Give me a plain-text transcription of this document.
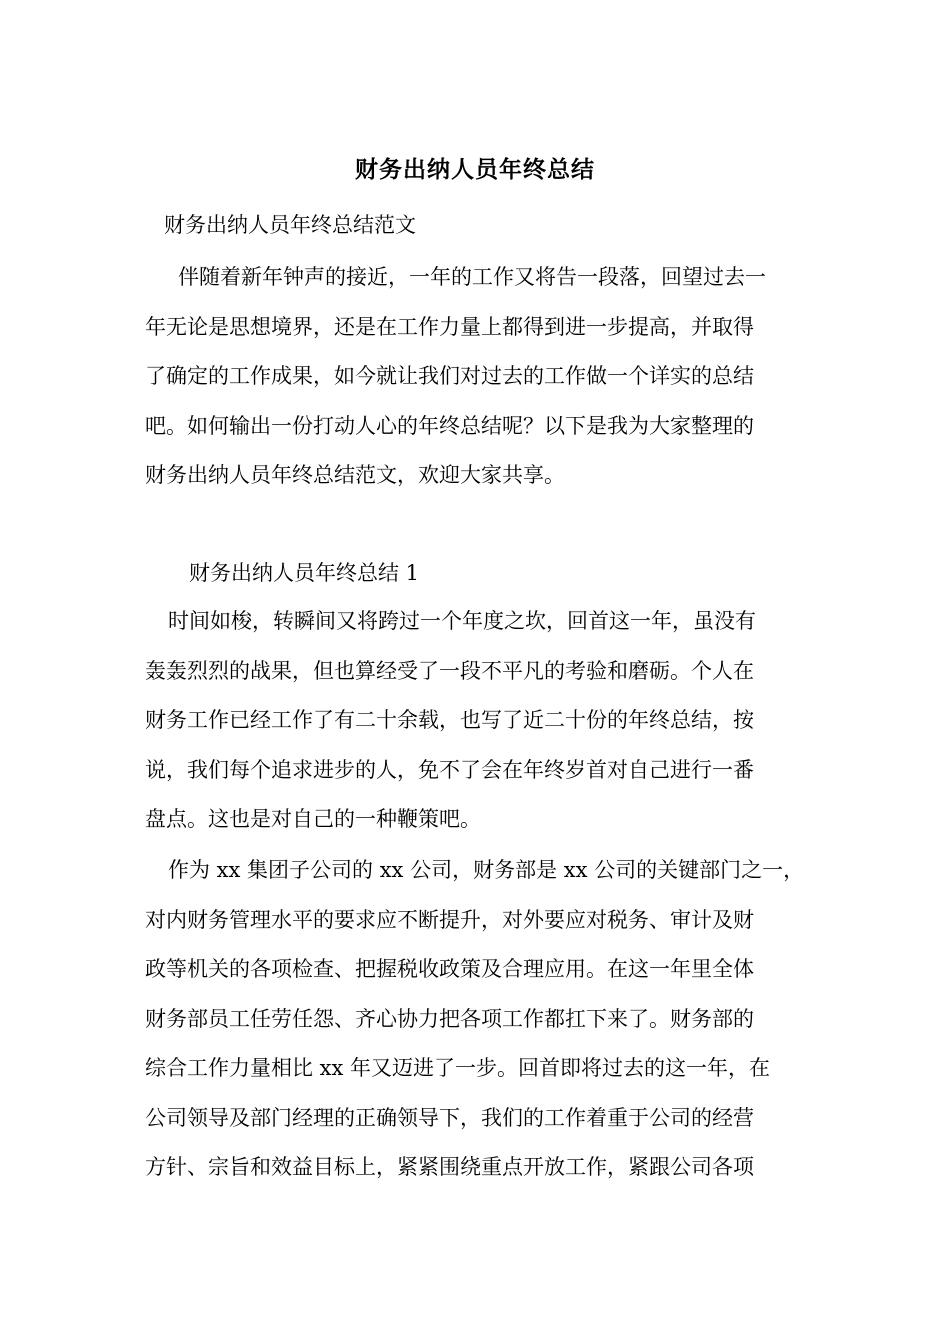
财务出纳人员年终总结
财务出纳人员年终总结范文
伴随着新年钟声的接近，一年的工作又将告一段落，回望过去一
年无论是思想境界，还是在工作力量上都得到进一步提高，并取得
了确定的工作成果，如今就让我们对过去的工作做一个详实的总结
吧。如何输出一份打动人心的年终总结呢？以下是我为大家整理的
财务出纳人员年终总结范文，欢迎大家共享。
财务出纳人员年终总结 1
时间如梭，转瞬间又将跨过一个年度之坎，回首这一年，虽没有
轰轰烈烈的战果，但也算经受了一段不平凡的考验和磨砺。个人在
财务工作已经工作了有二十余载，也写了近二十份的年终总结，按
说，我们每个追求进步的人，免不了会在年终岁首对自己进行一番
盘点。这也是对自己的一种鞭策吧。
作为 xx 集团子公司的 xx 公司，财务部是 xx 公司的关键部门之一，
对内财务管理水平的要求应不断提升，对外要应对税务、审计及财
政等机关的各项检查、把握税收政策及合理应用。在这一年里全体
财务部员工任劳任怨、齐心协力把各项工作都扛下来了。财务部的
综合工作力量相比 xx 年又迈进了一步。回首即将过去的这一年，在
公司领导及部门经理的正确领导下，我们的工作着重于公司的经营
方针、宗旨和效益目标上，紧紧围绕重点开放工作，紧跟公司各项
